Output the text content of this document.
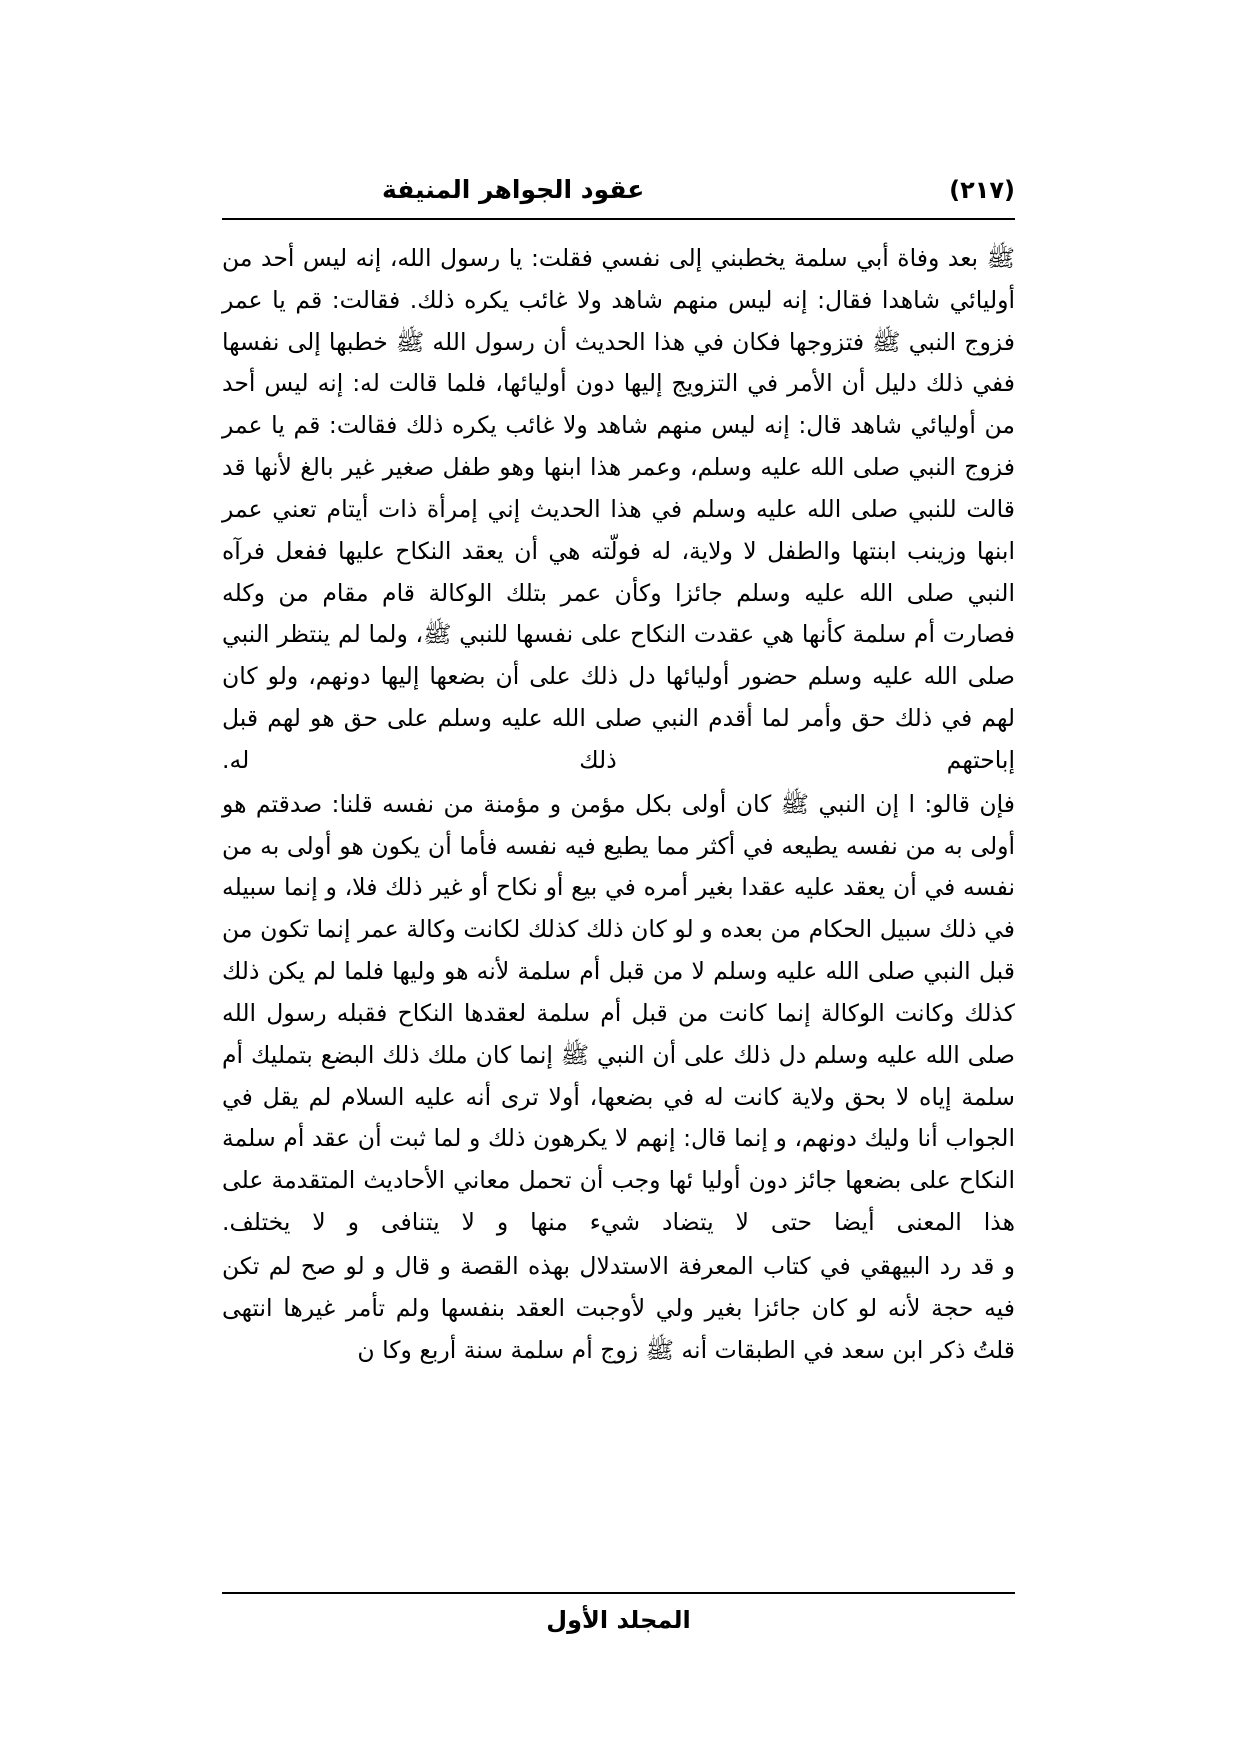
عقود الجواهر المنيفة	(٢١٧)

ﷺ بعد وفاة أبي سلمة يخطبني إلى نفسي فقلت: يا رسول الله، إنه ليس أحد من أوليائي شاهدا فقال: إنه ليس منهم شاهد ولا غائب يكره ذلك. فقالت: قم يا عمر فزوج النبي ﷺ فتزوجها فكان في هذا الحديث أن رسول الله ﷺ خطبها إلى نفسها ففي ذلك دليل أن الأمر في التزويج إليها دون أوليائها، فلما قالت له: إنه ليس أحد من أوليائي شاهد قال: إنه ليس منهم شاهد ولا غائب يكره ذلك فقالت: قم يا عمر فزوج النبي صلى الله عليه وسلم، وعمر هذا ابنها وهو طفل صغير غير بالغ لأنها قد قالت للنبي صلى الله عليه وسلم في هذا الحديث إني إمرأة ذات أيتام تعني عمر ابنها وزينب ابنتها والطفل لا ولاية، له فولّته هي أن يعقد النكاح عليها ففعل فرآه النبي صلى الله عليه وسلم جائزا وكأن عمر بتلك الوكالة قام مقام من وكله فصارت أم سلمة كأنها هي عقدت النكاح على نفسها للنبي ﷺ، ولما لم ينتظر النبي صلى الله عليه وسلم حضور أوليائها دل ذلك على أن بضعها إليها دونهم، ولو كان لهم في ذلك حق وأمر لما أقدم النبي صلى الله عليه وسلم على حق هو لهم قبل إباحتهم ذلك له.

فإن قالو: ا إن النبي ﷺ كان أولى بكل مؤمن و مؤمنة من نفسه قلنا: صدقتم هو أولى به من نفسه يطيعه في أكثر مما يطيع فيه نفسه فأما أن يكون هو أولى به من نفسه في أن يعقد عليه عقدا بغير أمره في بيع أو نكاح أو غير ذلك فلا، و إنما سبيله في ذلك سبيل الحكام من بعده و لو كان ذلك كذلك لكانت وكالة عمر إنما تكون من قبل النبي صلى الله عليه وسلم لا من قبل أم سلمة لأنه هو وليها فلما لم يكن ذلك كذلك وكانت الوكالة إنما كانت من قبل أم سلمة لعقدها النكاح فقبله رسول الله صلى الله عليه وسلم دل ذلك على أن النبي ﷺ إنما كان ملك ذلك البضع بتمليك أم سلمة إياه لا بحق ولاية كانت له في بضعها، أولا ترى أنه عليه السلام لم يقل في الجواب أنا وليك دونهم، و إنما قال: إنهم لا يكرهون ذلك و لما ثبت أن عقد أم سلمة النكاح على بضعها جائز دون أوليا ئها وجب أن تحمل معاني الأحاديث المتقدمة على هذا المعنى أيضا حتى لا يتضاد شيء منها و لا يتنافى و لا يختلف.

و قد رد البيهقي في كتاب المعرفة الاستدلال بهذه القصة و قال و لو صح لم تكن فيه حجة لأنه لو كان جائزا بغير ولي لأوجبت العقد بنفسها ولم تأمر غيرها انتهى قلتُ ذكر ابن سعد في الطبقات أنه ﷺ زوج أم سلمة سنة أربع وكا ن

المجلد الأول
